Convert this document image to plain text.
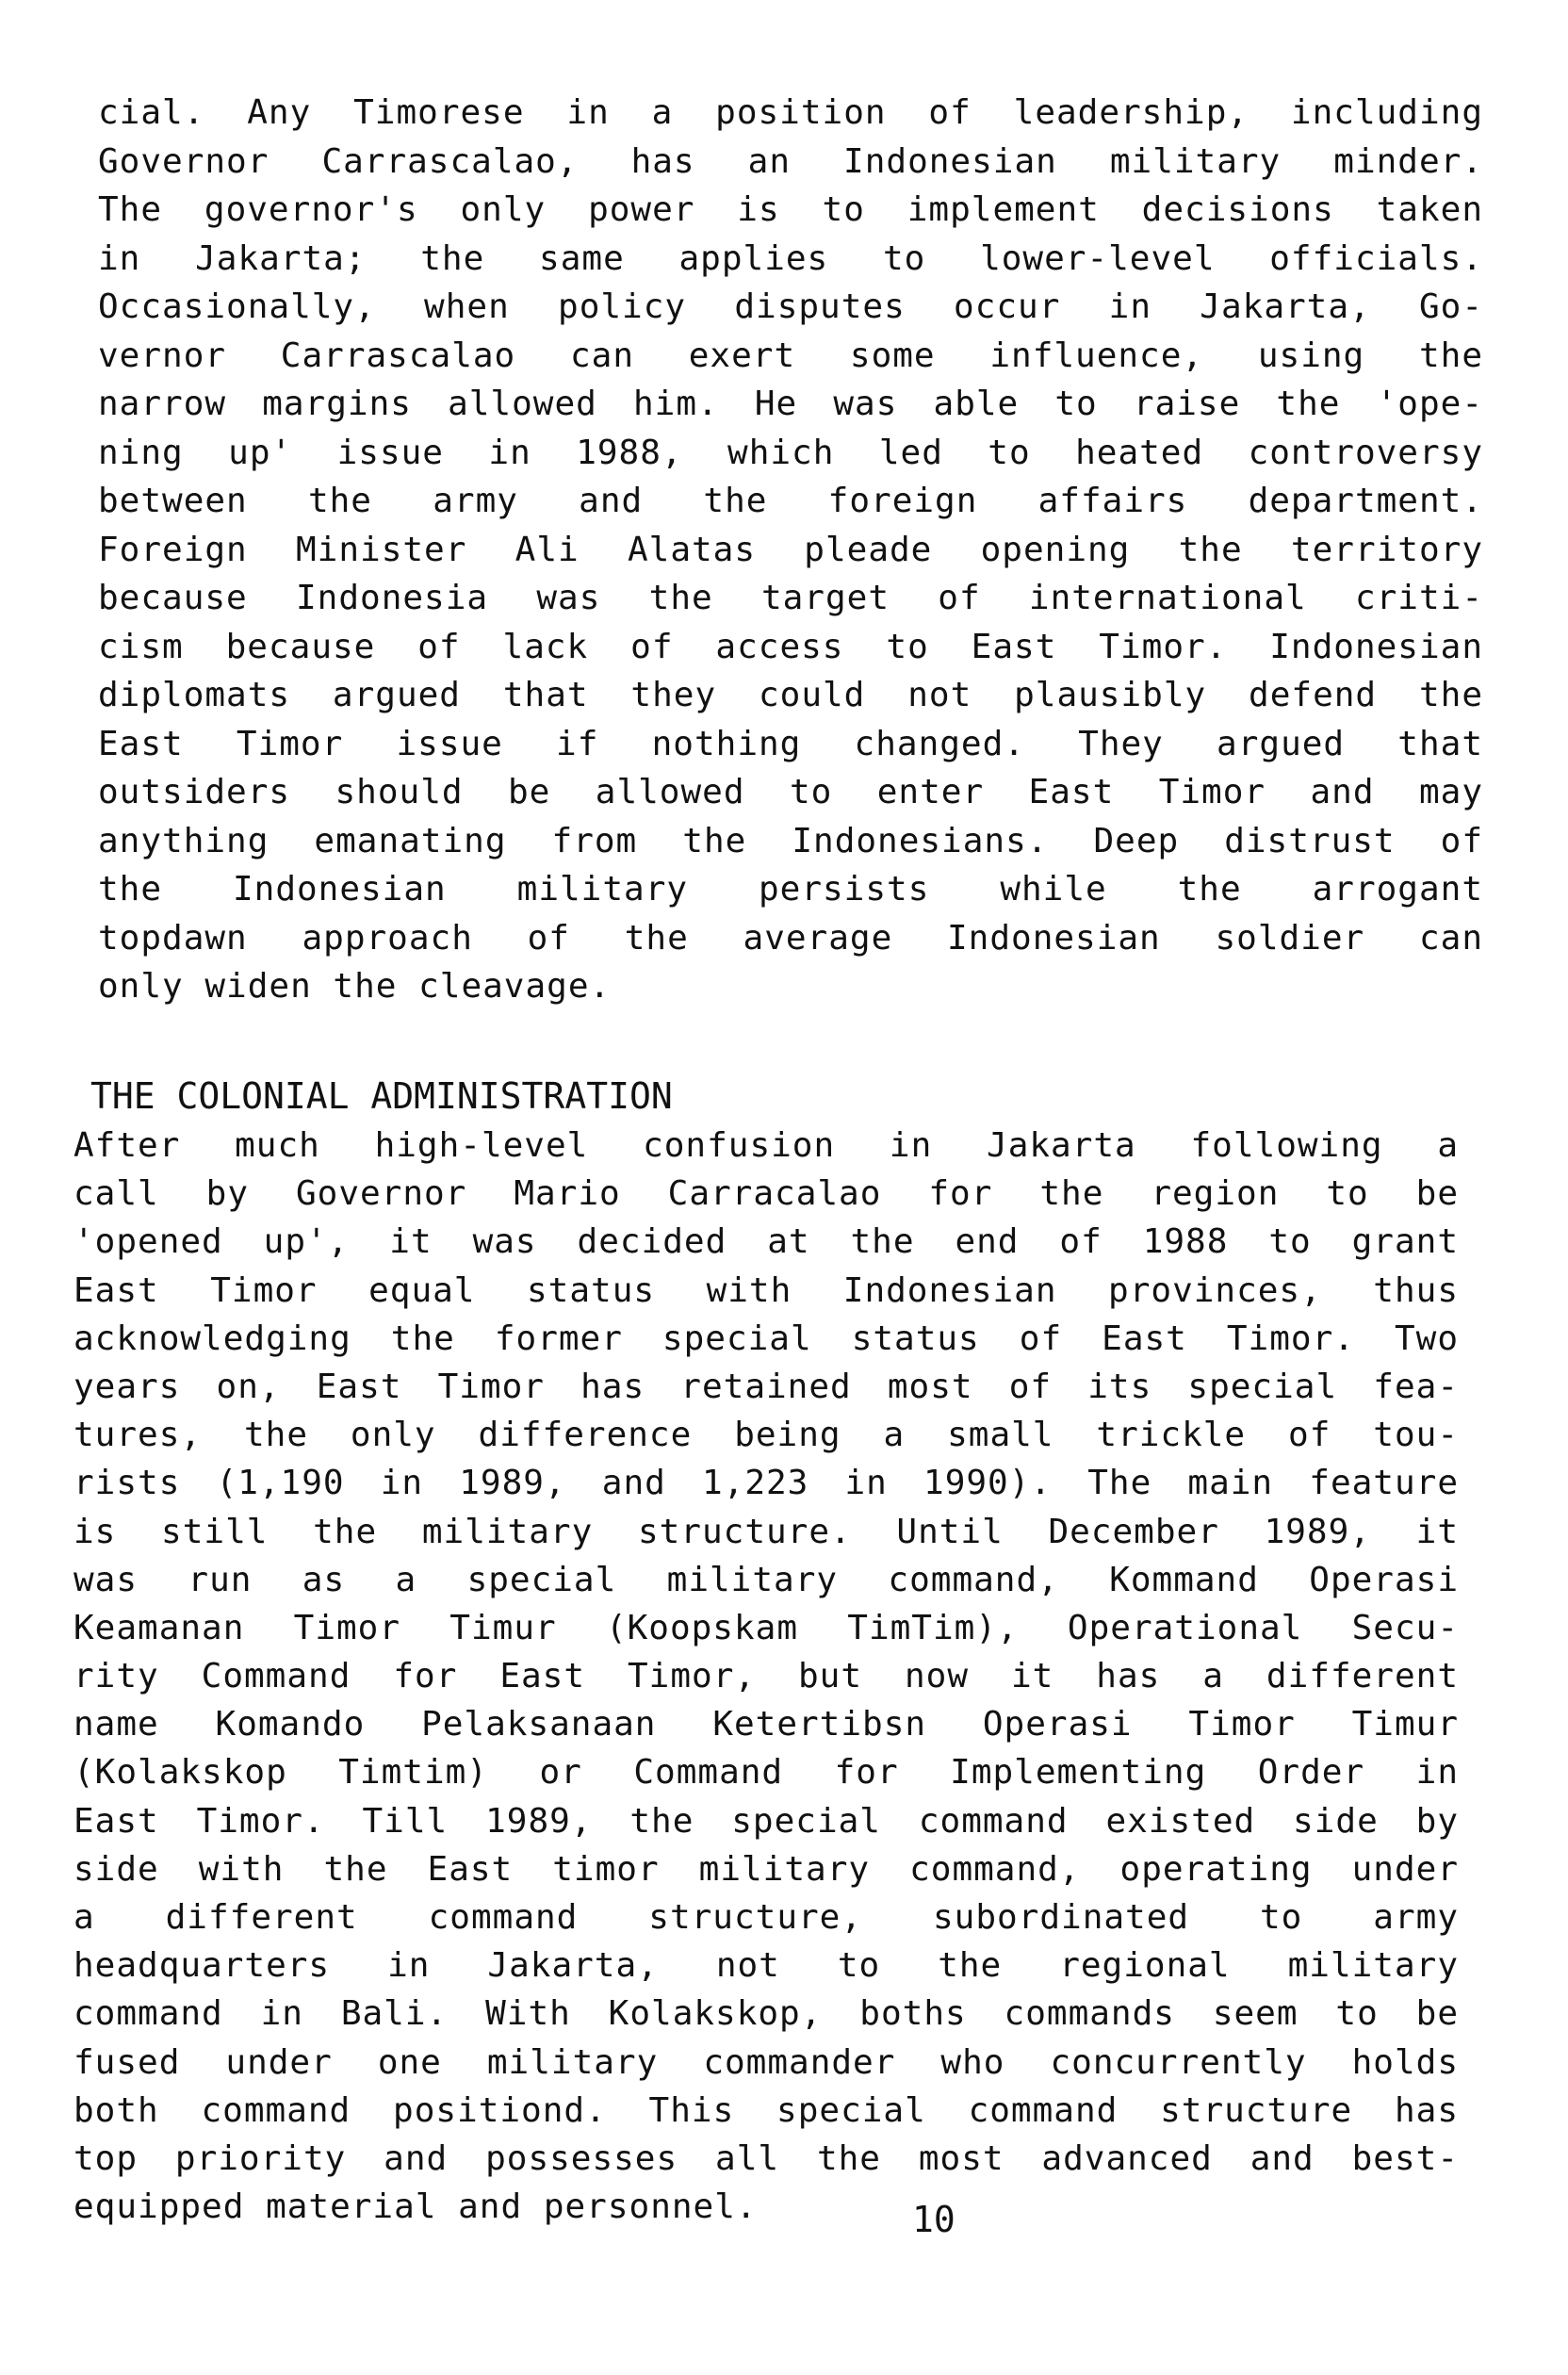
cial. Any Timorese in a position of leadership, including
Governor Carrascalao, has an Indonesian military minder.
The governor's only power is to implement decisions taken
in Jakarta; the same applies to lower-level officials.
Occasionally, when policy disputes occur in Jakarta, Go-
vernor Carrascalao can exert some influence, using the
narrow margins allowed him. He was able to raise the 'ope-
ning up' issue in 1988, which led to heated controversy
between the army and the foreign affairs department.
Foreign Minister Ali Alatas pleade opening the territory
because Indonesia was the target of international criti-
cism because of lack of access to East Timor. Indonesian
diplomats argued that they could not plausibly defend the
East Timor issue if nothing changed. They argued that
outsiders should be allowed to enter East Timor and may
anything emanating from the Indonesians. Deep distrust of
the Indonesian military persists while the arrogant
topdawn approach of the average Indonesian soldier can
only widen the cleavage.
THE COLONIAL ADMINISTRATION
After much high-level confusion in Jakarta following a
call by Governor Mario Carracalao for the region to be
'opened up', it was decided at the end of 1988 to grant
East Timor equal status with Indonesian provinces, thus
acknowledging the former special status of East Timor. Two
years on, East Timor has retained most of its special fea-
tures, the only difference being a small trickle of tou-
rists (1,190 in 1989, and 1,223 in 1990). The main feature
is still the military structure. Until December 1989, it
was run as a special military command, Kommand Operasi
Keamanan Timor Timur (Koopskam TimTim), Operational Secu-
rity Command for East Timor, but now it has a different
name Komando Pelaksanaan Ketertibsn Operasi Timor Timur
(Kolakskop Timtim) or Command for Implementing Order in
East Timor. Till 1989, the special command existed side by
side with the East timor military command, operating under
a different command structure, subordinated to army
headquarters in Jakarta, not to the regional military
command in Bali. With Kolakskop, boths commands seem to be
fused under one military commander who concurrently holds
both command positiond. This special command structure has
top priority and possesses all the most advanced and best-
equipped material and personnel.	10
